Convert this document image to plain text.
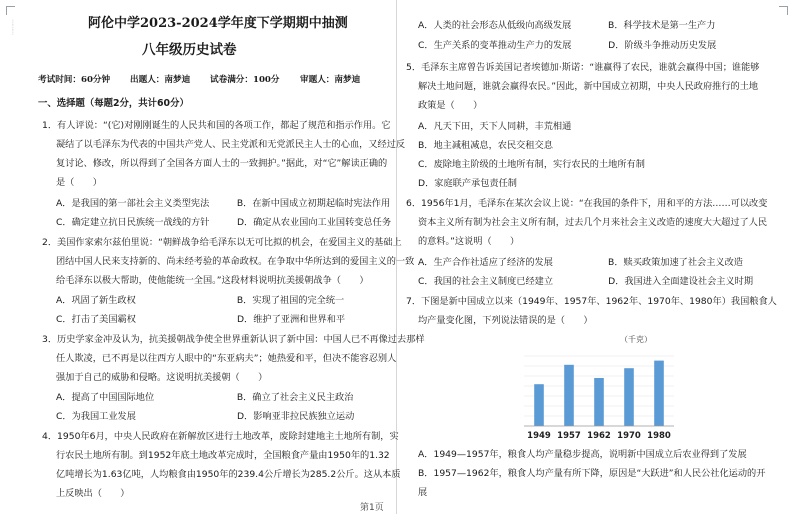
⋮
⋮
⋮
阿伦中学2023-2024学年度下学期期中抽测
八年级历史试卷
考试时间：60分钟 出题人：南梦迪 试卷满分：100分 审题人：南梦迪
一、选择题（每题2分，共计60分）
1．有人评说：“(它)对刚刚诞生的人民共和国的各项工作，都起了规范和指示作用。它
凝结了以毛泽东为代表的中国共产党人、民主党派和无党派民主人士的心血，又经过反
复讨论、修改，所以得到了全国各方面人士的一致拥护。”据此，对“它”解读正确的
是（　　）
A．是我国的第一部社会主义类型宪法　　　B．在新中国成立初期起临时宪法作用
C．确定建立抗日民族统一战线的方针　　　D．确定从农业国向工业国转变总任务
2．美国作家索尔兹伯里说：“朝鲜战争给毛泽东以无可比拟的机会，在爱国主义的基础上
团结中国人民来支持新的、尚未经考验的革命政权。在争取中华所达到的爱国主义的一致
给毛泽东以极大帮助，使他能统一全国。”这段材料说明抗美援朝战争（　　）
A．巩固了新生政权　　　　　　　　　　　B．实现了祖国的完全统一
C．打击了美国霸权　　　　　　　　　　　D．维护了亚洲和世界和平
3．历史学家金冲及认为，抗美援朝战争使全世界重新认识了新中国：中国人已不再像过去那样
任人欺凌，已不再是以往西方人眼中的“东亚病夫”；她热爱和平，但决不能容忍别人
强加于自己的威胁和侵略。这说明抗美援朝（　　）
A．提高了中国国际地位　　　　　　　　　B．确立了社会主义民主政治
C．为我国工业发展　　　　　　　　　　　D．影响亚非拉民族独立运动
4．1950年6月，中央人民政府在新解放区进行土地改革，废除封建地主土地所有制，实
行农民土地所有制。到1952年底土地改革完成时，全国粮食产量由1950年的1.32
亿吨增长为1.63亿吨，人均粮食由1950年的239.4公斤增长为285.2公斤。这从本质
上反映出（　　）
A．人类的社会形态从低级向高级发展　　　　B．科学技术是第一生产力
C．生产关系的变革推动生产力的发展　　　　D．阶级斗争推动历史发展
5．毛泽东主席曾告诉美国记者埃德加·斯诺：“谁赢得了农民，谁就会赢得中国；谁能够
解决土地问题，谁就会赢得农民。”因此，新中国成立初期，中央人民政府推行的土地
政策是（　　）
A．凡天下田，天下人同耕，丰荒相通
B．地主减租减息，农民交租交息
C．废除地主阶级的土地所有制，实行农民的土地所有制
D．家庭联产承包责任制
6．1956年1月，毛泽东在某次会议上说：“在我国的条件下，用和平的方法……可以改变
资本主义所有制为社会主义所有制，过去几个月来社会主义改造的速度大大超过了人民
的意料。”这说明（　　）
A．生产合作社适应了经济的发展　　　　　　B．赎买政策加速了社会主义改造
C．我国的社会主义制度已经建立　　　　　　D．我国进入全面建设社会主义时期
7．下图是新中国成立以来（1949年、1957年、1962年、1970年、1980年）我国粮食人
均产量变化图，下列说法错误的是（　　）
（千克）
1949 1957 1962 1970 1980
A．1949—1957年，粮食人均产量稳步提高，说明新中国成立后农业得到了发展
B．1957—1962年，粮食人均产量有所下降，原因是“大跃进”和人民公社化运动的开
展
第1页
